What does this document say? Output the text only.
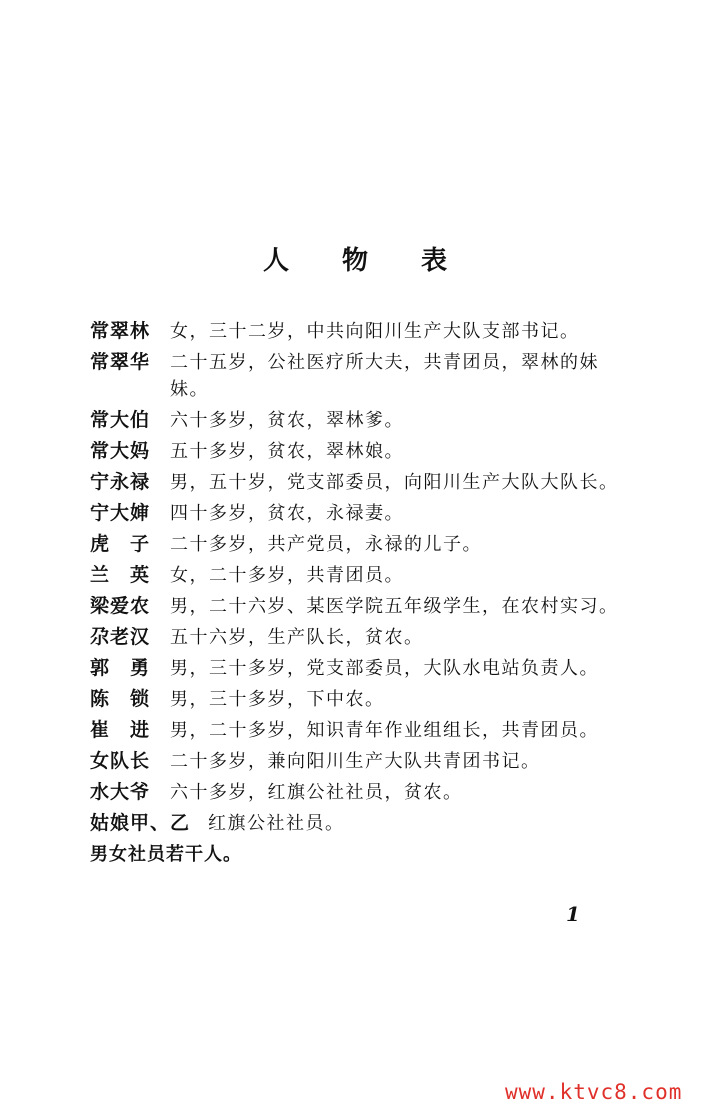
人 物 表
常翠林	女，三十二岁，中共向阳川生产大队支部书记。
常翠华	二十五岁，公社医疗所大夫，共青团员，翠林的妹妹。
常大伯	六十多岁，贫农，翠林爹。
常大妈	五十多岁，贫农，翠林娘。
宁永禄	男，五十岁，党支部委员，向阳川生产大队大队长。
宁大婶	四十多岁，贫农，永禄妻。
虎　子	二十多岁，共产党员，永禄的儿子。
兰　英	女，二十多岁，共青团员。
梁爱农	男，二十六岁、某医学院五年级学生，在农村实习。
尕老汉	五十六岁，生产队长，贫农。
郭　勇	男，三十多岁，党支部委员，大队水电站负责人。
陈　锁	男，三十多岁，下中农。
崔　进	男，二十多岁，知识青年作业组组长，共青团员。
女队长	二十多岁，兼向阳川生产大队共青团书记。
水大爷	六十多岁，红旗公社社员，贫农。
姑娘甲、乙 红旗公社社员。
男女社员若干人。
1
www.ktvc8.com
